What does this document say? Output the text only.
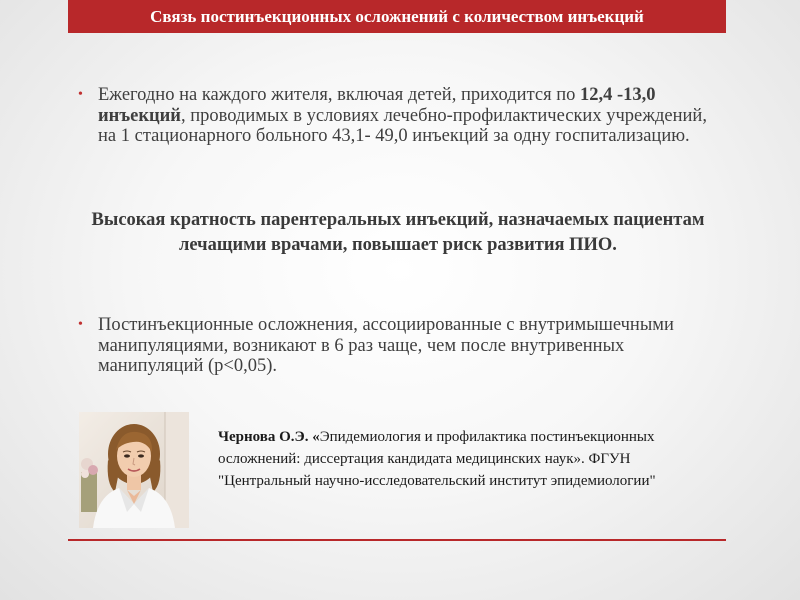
Связь постинъекционных осложнений с количеством инъекций
• Ежегодно на каждого жителя, включая детей, приходится по 12,4 -13,0 инъекций, проводимых в условиях лечебно-профилактических учреждений, на 1 стационарного больного 43,1- 49,0 инъекций за одну госпитализацию.
Высокая кратность парентеральных инъекций, назначаемых пациентам лечащими врачами, повышает риск развития ПИО.
• Постинъекционные осложнения, ассоциированные с внутримышечными манипуляциями, возникают в 6 раз чаще, чем после внутривенных манипуляций (р<0,05).
Чернова О.Э. «Эпидемиология и профилактика постинъекционных осложнений: диссертация кандидата медицинских наук». ФГУН "Центральный научно-исследовательский институт эпидемиологии"
